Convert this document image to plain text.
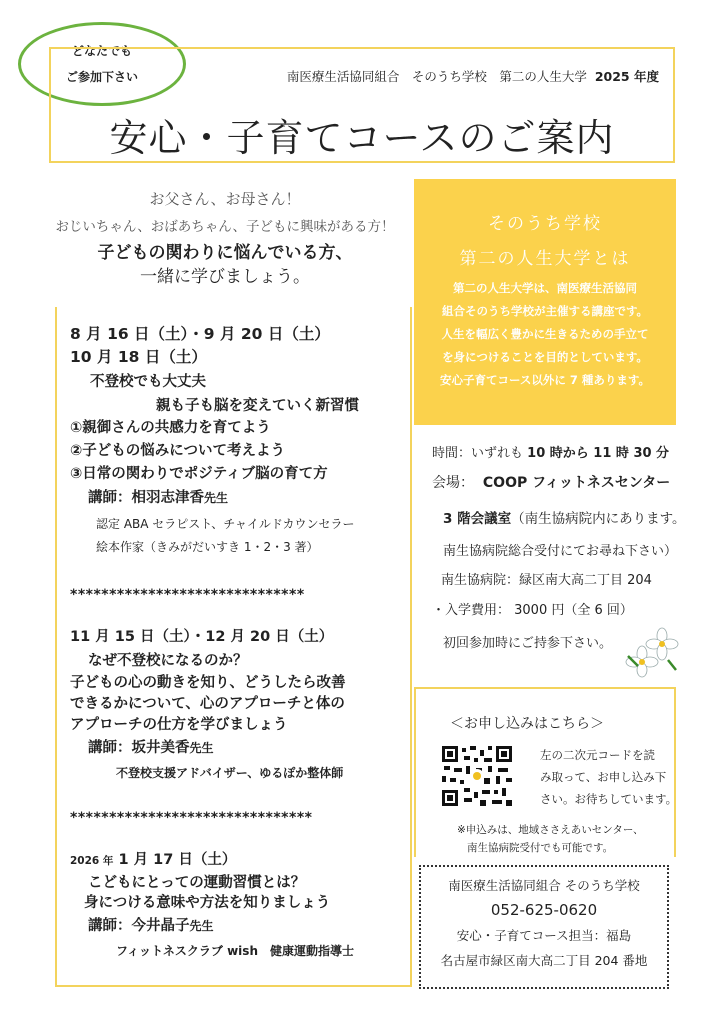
どなたでも
ご参加下さい	南医療生活協同組合　そのうち学校　第二の人生大学 2025 年度
安心・子育てコースのご案内
お父さん、お母さん！
おじいちゃん、おばあちゃん、子どもに興味がある方！
子どもの関わりに悩んでいる方、
一緒に学びましょう。
8 月 16 日（土）・9 月 20 日（土）
10 月 18 日（土）
不登校でも大丈夫
親も子も脳を変えていく新習慣
①親御さんの共感力を育てよう
②子どもの悩みについて考えよう
③日常の関わりでポジティブ脳の育て方
講師：相羽志津香先生
認定 ABA セラピスト、チャイルドカウンセラー
絵本作家（きみがだいすき 1・2・3 著）
******************************
11 月 15 日（土）・12 月 20 日（土）
なぜ不登校になるのか？
子どもの心の動きを知り、どうしたら改善
できるかについて、心のアプローチと体の
アプローチの仕方を学びましょう
講師：坂井美香先生
不登校支援アドバイザー、ゆるぽか整体師
*******************************
2026 年 1 月 17 日（土）
こどもにとっての運動習慣とは？
身につける意味や方法を知りましょう
講師：今井晶子先生
フィットネスクラブ wish　健康運動指導士
そのうち学校
第二の人生大学とは
第二の人生大学は、南医療生活協同
組合そのうち学校が主催する講座です。
人生を幅広く豊かに生きるための手立て
を身につけることを目的としています。
安心子育てコース以外に 7 種あります。
時間：いずれも 10 時から 11 時 30 分
会場： COOP フィットネスセンター
3 階会議室（南生協病院内にあります。
南生協病院総合受付にてお尋ね下さい）
南生協病院：緑区南大高二丁目 204
・入学費用： 3000 円（全 6 回）
初回参加時にご持参下さい。
＜お申し込みはこちら＞
左の二次元コードを読
み取って、お申し込み下
さい。お待ちしています。
※申込みは、地域ささえあいセンター、
南生協病院受付でも可能です。
南医療生活協同組合 そのうち学校
052-625-0620
安心・子育てコース担当：福島
名古屋市緑区南大高二丁目 204 番地
